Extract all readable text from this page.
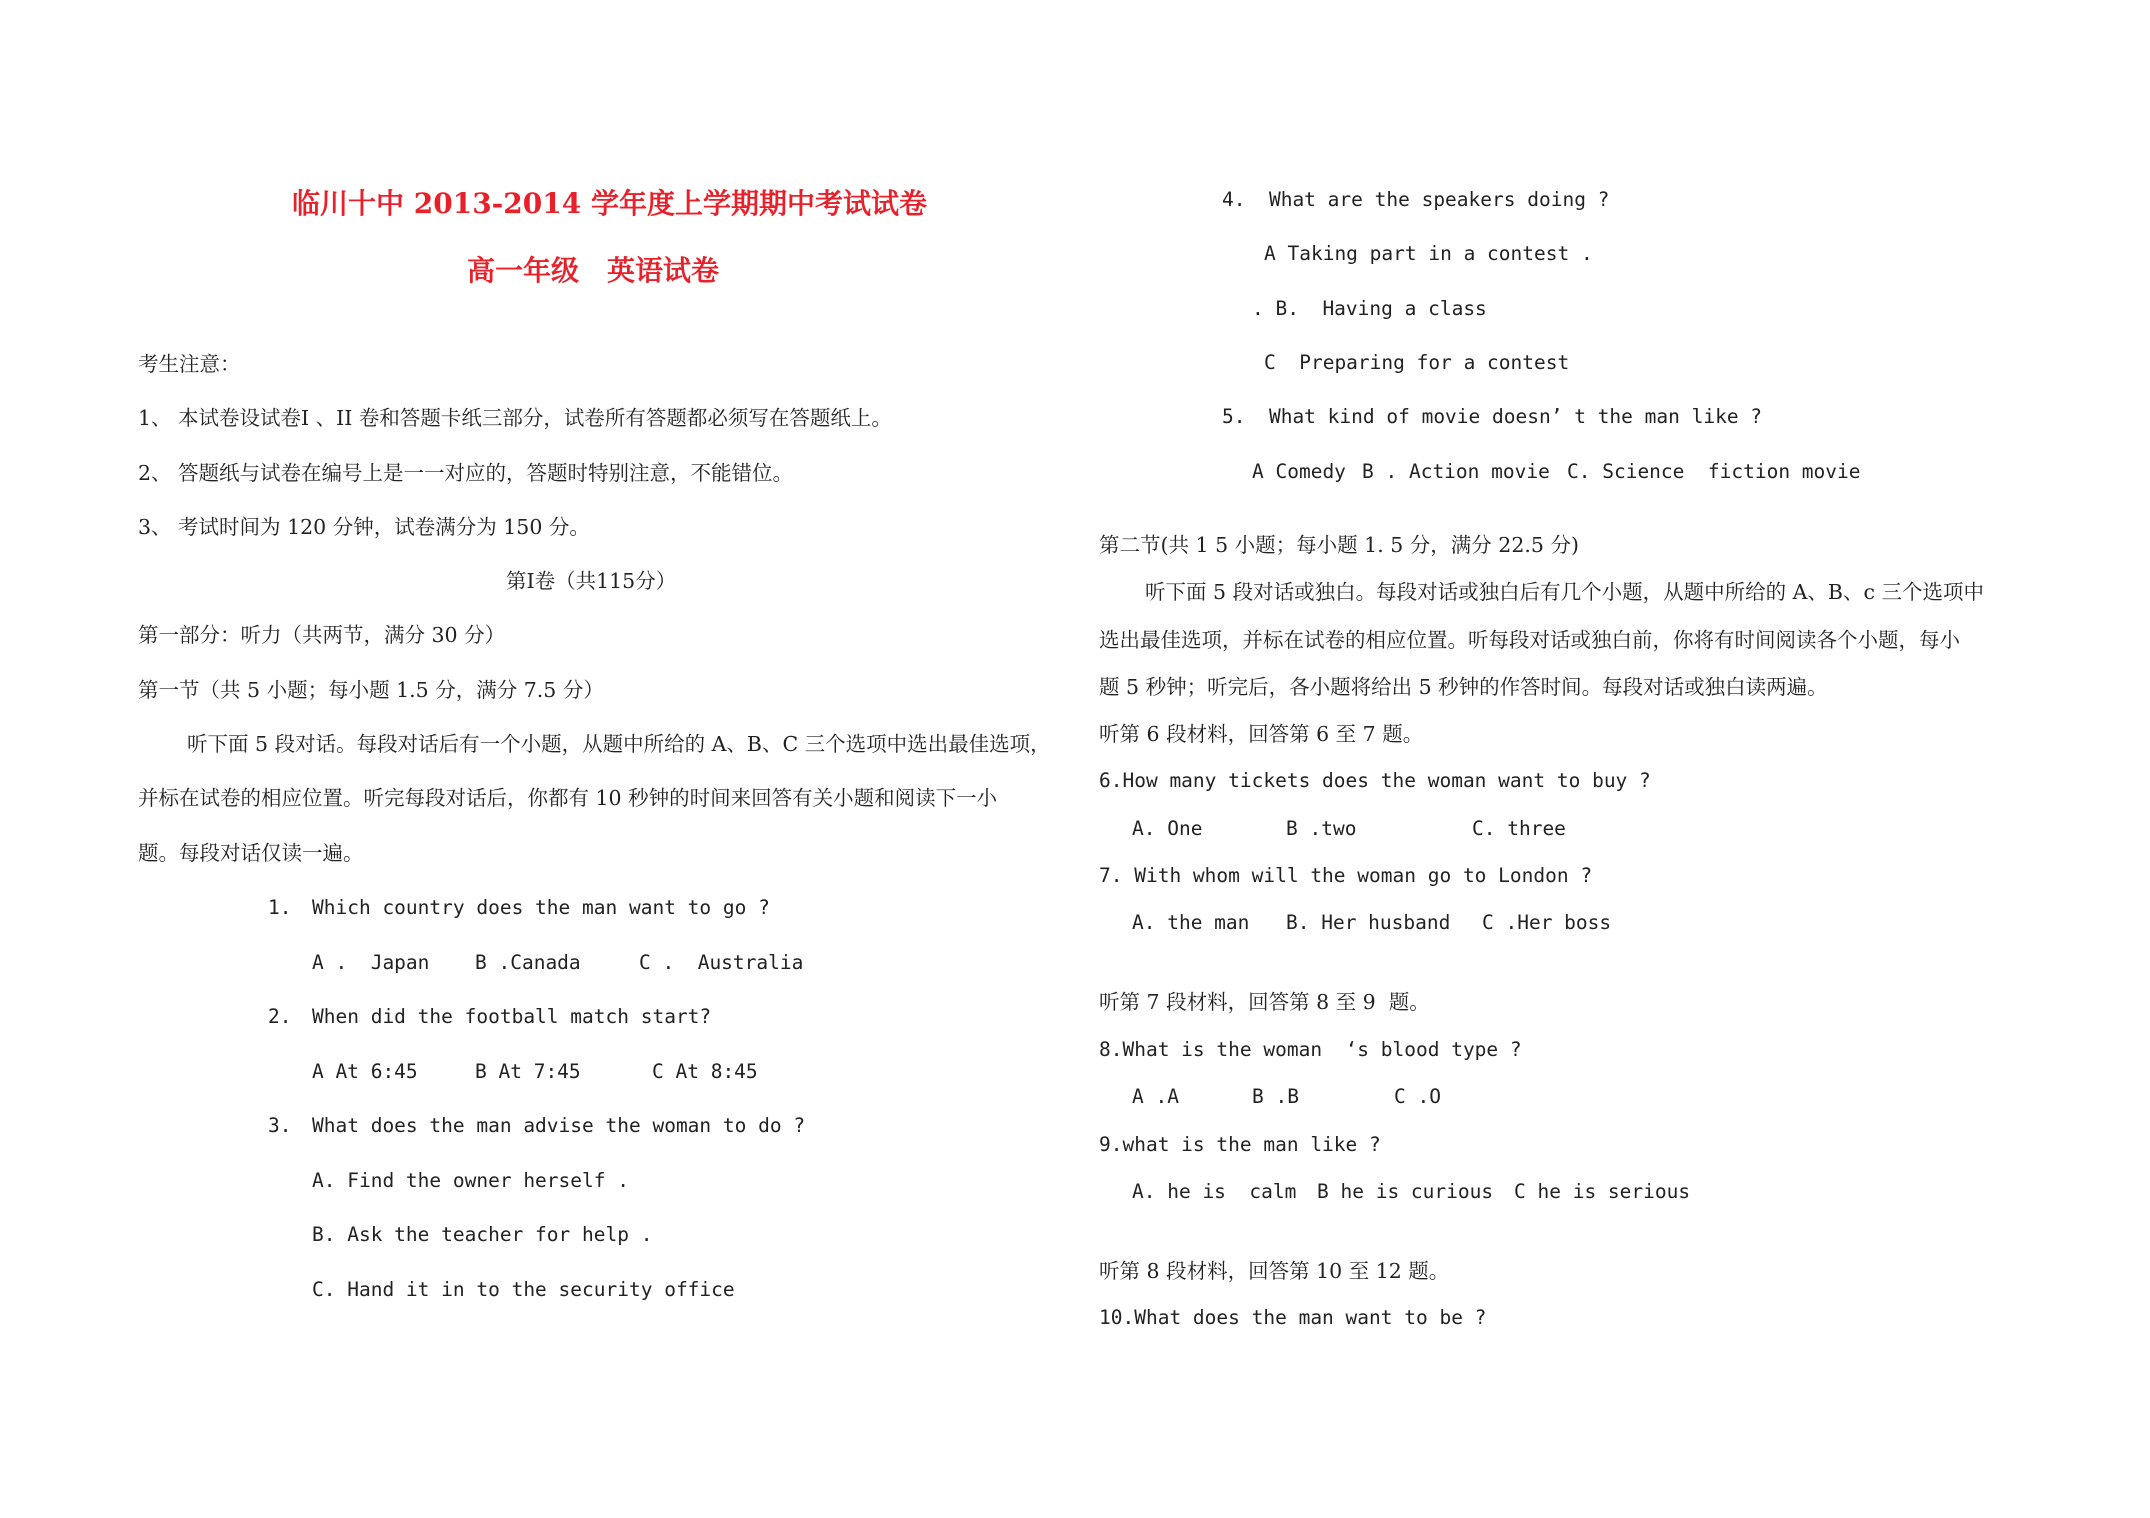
临川十中 2013-2014 学年度上学期期中考试试卷
高一年级　英语试卷
考生注意：
1、 本试卷设试卷Ⅰ 、II 卷和答题卡纸三部分，试卷所有答题都必须写在答题纸上。
2、 答题纸与试卷在编号上是一一对应的，答题时特别注意，不能错位。
3、 考试时间为 120 分钟，试卷满分为 150 分。
第Ⅰ卷（共115分）
第一部分：听力（共两节，满分 30 分）
第一节（共 5 小题；每小题 1.5 分，满分 7.5 分）
听下面 5 段对话。每段对话后有一个小题，从题中所给的 A、B、C 三个选项中选出最佳选项，
并标在试卷的相应位置。听完每段对话后，你都有 10 秒钟的时间来回答有关小题和阅读下一小
题。每段对话仅读一遍。
1. Which country does the man want to go ?

A .  Japan

B .Canada

	C .  Australia

2. When did the football match start?

A At 6:45

	B At 7:45

	C At 8:45

3. What does the man advise the woman to do ?
A. Find the owner herself .
B. Ask the teacher for help .
C. Hand it in to the security office
4.  What are the speakers doing ?
A Taking part in a contest .
. B.  Having a class
C  Preparing for a contest
5.  What kind of movie doesn’ t the man like ?

A Comedy

B . Action movie

C. Science  fiction movie

第二节(共 1 5 小题；每小题 1. 5 分，满分 22.5 分)
听下面 5 段对话或独白。每段对话或独白后有几个小题，从题中所给的 A、B、c 三个选项中
选出最佳选项，并标在试卷的相应位置。听每段对话或独白前，你将有时间阅读各个小题，每小
题 5 秒钟；听完后，各小题将给出 5 秒钟的作答时间。每段对话或独白读两遍。
听第 6 段材料，回答第 6 至 7 题。
6.How many tickets does the woman want to buy ?

A. One

	B .two

	C. three

7. With whom will the woman go to London ?

A. the man

B. Her husband

C .Her boss

听第 7 段材料，回答第 8 至 9  题。
8.What is the woman  ‘s blood type ?

A .A

	B .B

	C .O

9.what is the man like ?

A. he is  calm

B he is curious

C he is serious

听第 8 段材料，回答第 10 至 12 题。
10.What does the man want to be ?
